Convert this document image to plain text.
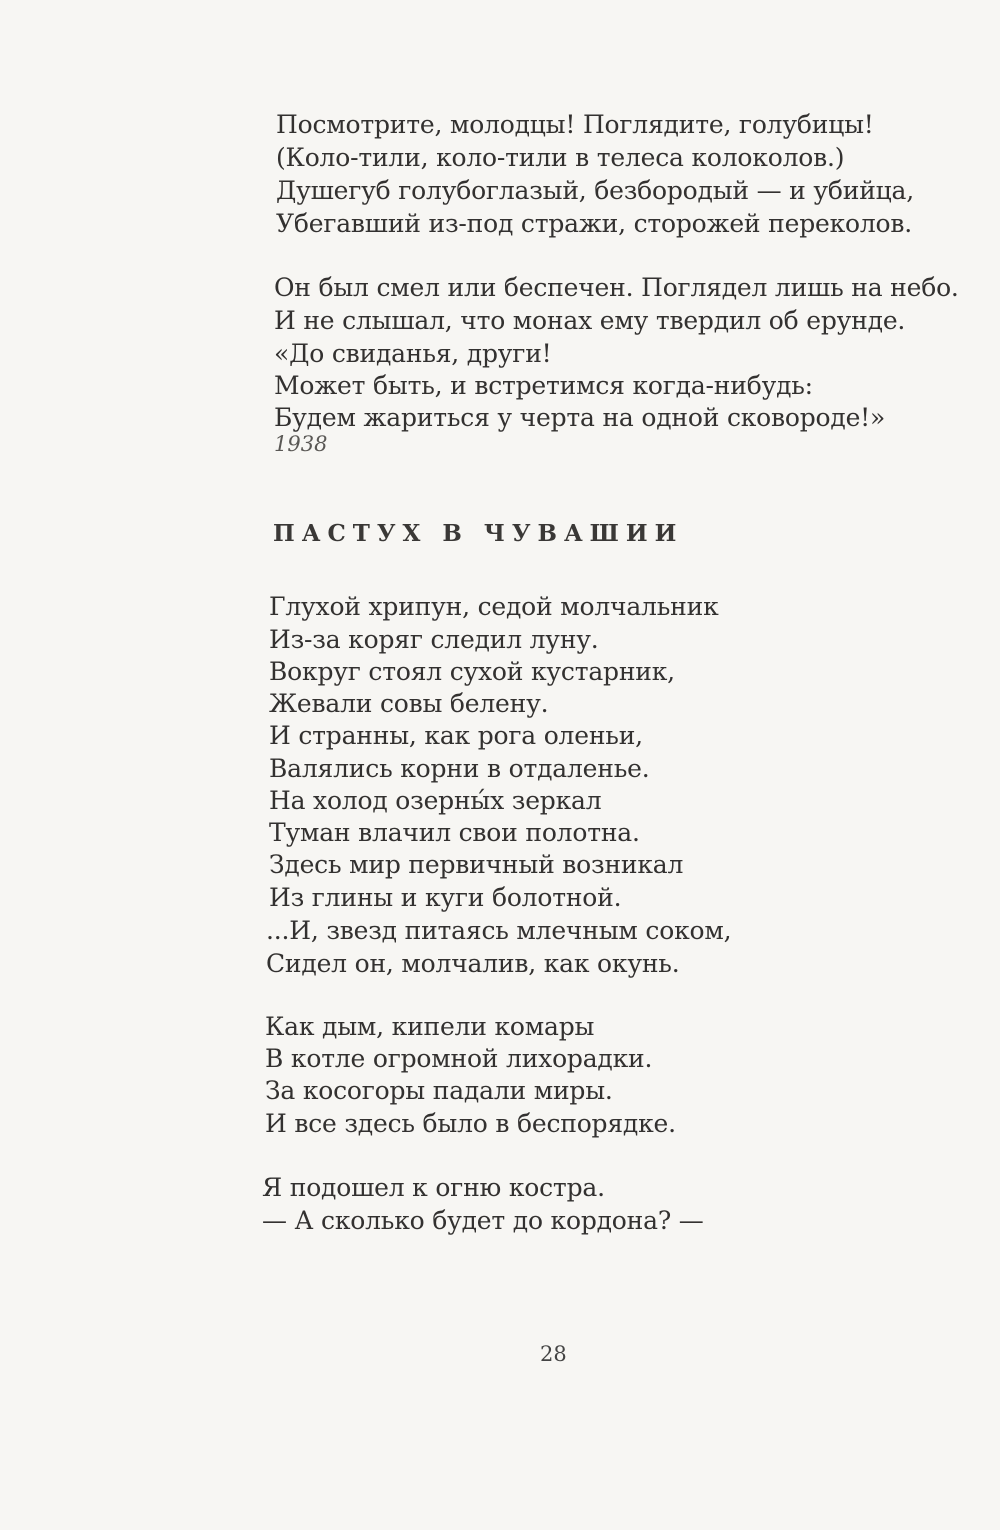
Посмотрите, молодцы! Поглядите, голубицы!
(Коло-тили, коло-тили в телеса колоколов.)
Душегуб голубоглазый, безбородый — и убийца,
Убегавший из-под стражи, сторожей переколов.
Он был смел или беспечен. Поглядел лишь на небо.
И не слышал, что монах ему твердил об ерунде.
«До свиданья, други!
Может быть, и встретимся когда-нибудь:
Будем жариться у черта на одной сковороде!»
1938
ПАСТУХ В ЧУВАШИИ
Глухой хрипун, седой молчальник
Из-за коряг следил луну.
Вокруг стоял сухой кустарник,
Жевали совы белену.
И странны, как рога оленьи,
Валялись корни в отдаленье.
На холод озерны́х зеркал
Туман влачил свои полотна.
Здесь мир первичный возникал
Из глины и куги болотной.
...И, звезд питаясь млечным соком,
Сидел он, молчалив, как окунь.
Как дым, кипели комары
В котле огромной лихорадки.
За косогоры падали миры.
И все здесь было в беспорядке.
Я подошел к огню костра.
— А сколько будет до кордона? —
28
